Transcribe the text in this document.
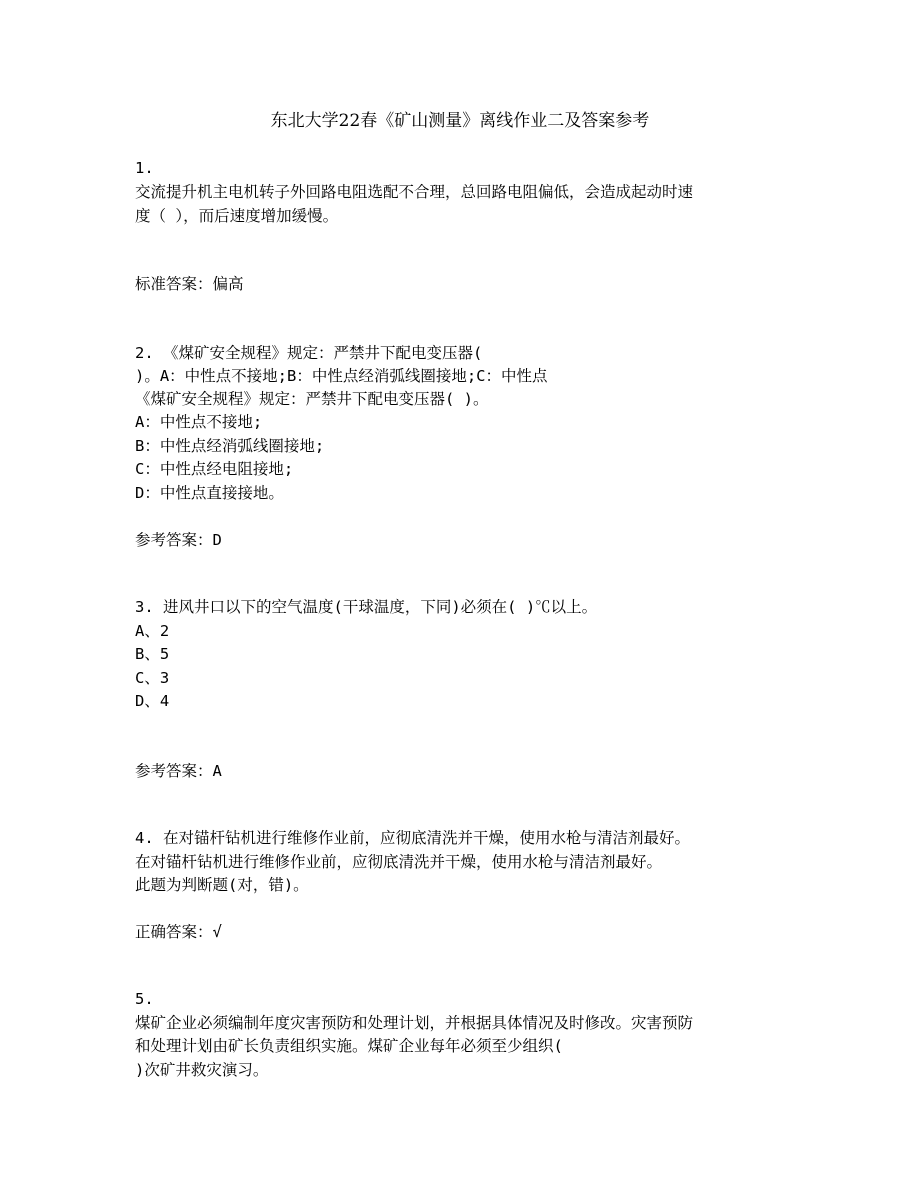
东北大学22春《矿山测量》离线作业二及答案参考
1.
交流提升机主电机转子外回路电阻选配不合理，总回路电阻偏低，会造成起动时速
度（ ），而后速度增加缓慢。
标准答案：偏高
2. 《煤矿安全规程》规定：严禁井下配电变压器(
)。A：中性点不接地;B：中性点经消弧线圈接地;C：中性点
《煤矿安全规程》规定：严禁井下配电变压器( )。
A：中性点不接地;
B：中性点经消弧线圈接地;
C：中性点经电阻接地;
D：中性点直接接地。
参考答案：D
3. 进风井口以下的空气温度(干球温度，下同)必须在( )℃以上。
A、2
B、5
C、3
D、4
参考答案：A
4. 在对锚杆钻机进行维修作业前，应彻底清洗并干燥，使用水枪与清洁剂最好。
在对锚杆钻机进行维修作业前，应彻底清洗并干燥，使用水枪与清洁剂最好。
此题为判断题(对，错)。
正确答案：√
5.
煤矿企业必须编制年度灾害预防和处理计划，并根据具体情况及时修改。灾害预防
和处理计划由矿长负责组织实施。煤矿企业每年必须至少组织(
)次矿井救灾演习。
